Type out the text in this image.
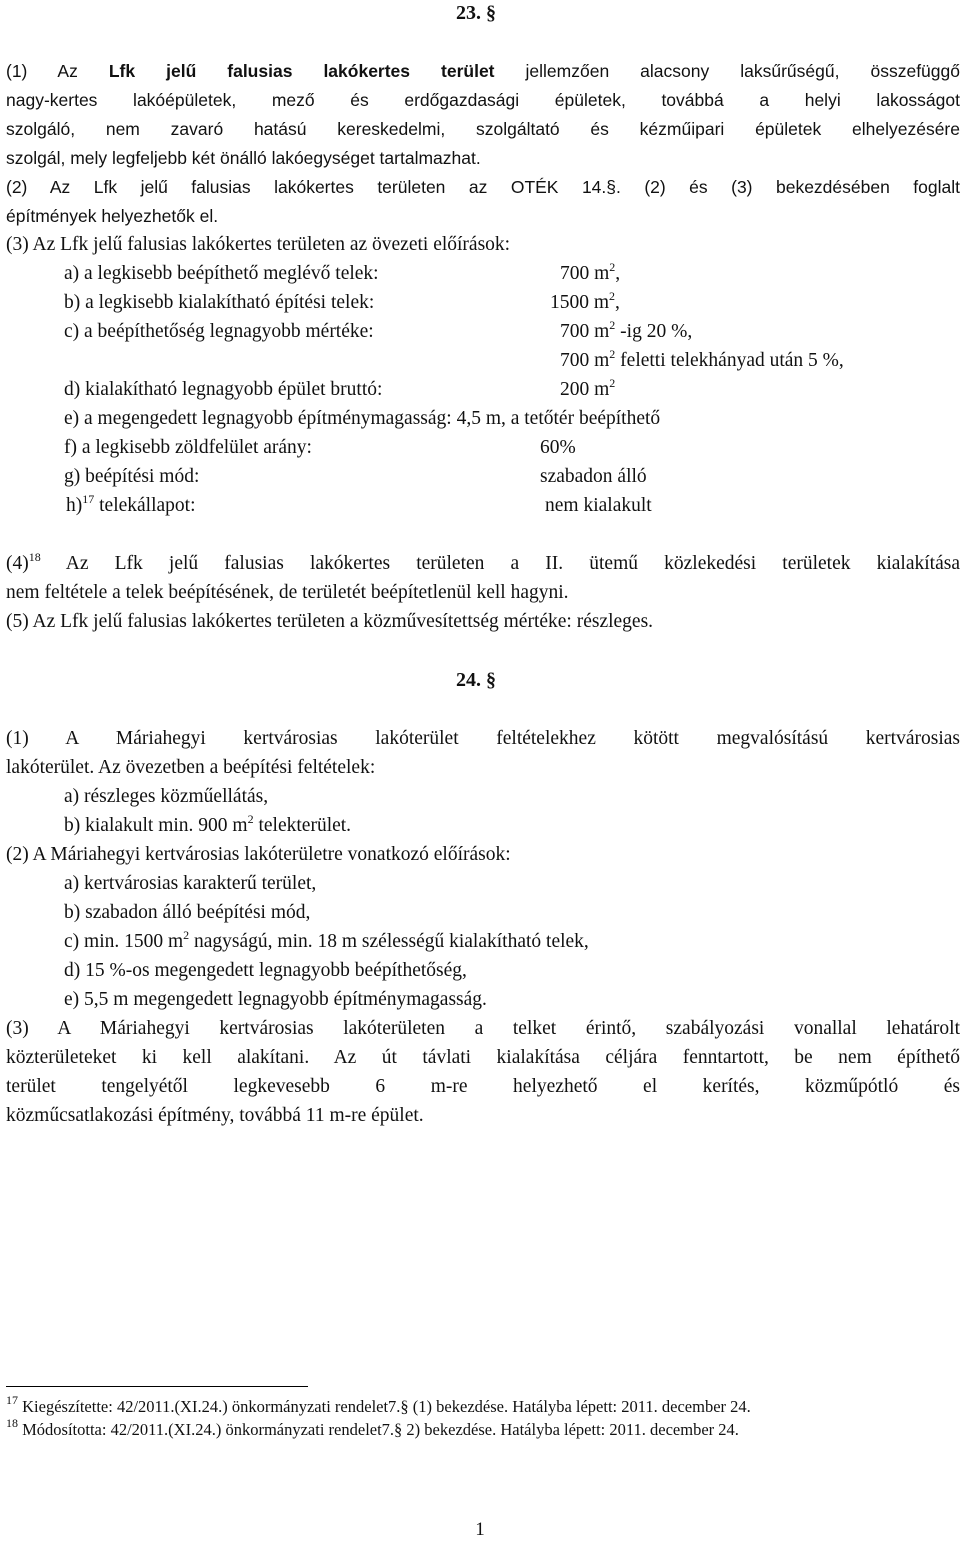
23. §
(1) Az Lfk jelű falusias lakókertes terület jellemzően alacsony laksűrűségű, összefüggő
nagy-kertes lakóépületek, mező és erdőgazdasági épületek, továbbá a helyi lakosságot
szolgáló, nem zavaró hatású kereskedelmi, szolgáltató és kézműipari épületek elhelyezésére
szolgál, mely legfeljebb két önálló lakóegységet tartalmazhat.
(2) Az Lfk jelű falusias lakókertes területen az OTÉK 14.§. (2) és (3) bekezdésében foglalt
építmények helyezhetők el.
(3) Az Lfk jelű falusias lakókertes területen az övezeti előírások:
a) a legkisebb beépíthető meglévő telek:	700 $m^2$,
b) a legkisebb kialakítható építési telek:	1500 $m^2$,
c) a beépíthetőség legnagyobb mértéke:	700 $m^2$ -ig 20 %,
700 $m^2$ feletti telekhányad után 5 %,
d) kialakítható legnagyobb épület bruttó:	200 $m^2$
e) a megengedett legnagyobb építménymagasság: 4,5 m, a tetőtér beépíthető
f) a legkisebb zöldfelület arány:	60%
g) beépítési mód:	szabadon álló
h)$^{17}$ telekállapot:	nem kialakult
$(4)^{18}$ Az Lfk jelű falusias lakókertes területen a II. ütemű közlekedési területek kialakítása
nem feltétele a telek beépítésének, de területét beépítetlenül kell hagyni.
(5) Az Lfk jelű falusias lakókertes területen a közművesítettség mértéke: részleges.
24. §
(1) A Máriahegyi kertvárosias lakóterület feltételekhez kötött megvalósítású kertvárosias
lakóterület. Az övezetben a beépítési feltételek:
a) részleges közműellátás,
b) kialakult min. 900 $m^2$ telekterület.
(2) A Máriahegyi kertvárosias lakóterületre vonatkozó előírások:
a) kertvárosias karakterű terület,
b) szabadon álló beépítési mód,
c) min. 1500 $m^2$ nagyságú, min. 18 m szélességű kialakítható telek,
d) 15 %-os megengedett legnagyobb beépíthetőség,
e) 5,5 m megengedett legnagyobb építménymagasság.
(3) A Máriahegyi kertvárosias lakóterületen a telket érintő, szabályozási vonallal lehatárolt
közterületeket ki kell alakítani. Az út távlati kialakítása céljára fenntartott, be nem építhető
terület tengelyétől legkevesebb 6 m-re helyezhető el kerítés, közműpótló és
közműcsatlakozási építmény, továbbá 11 m-re épület.
$^{17}$ Kiegészítette: 42/2011.(XI.24.) önkormányzati rendelet7.§ (1) bekezdése. Hatályba lépett: 2011. december 24.
$^{18}$ Módosította: 42/2011.(XI.24.) önkormányzati rendelet7.§ 2) bekezdése. Hatályba lépett: 2011. december 24.
1
